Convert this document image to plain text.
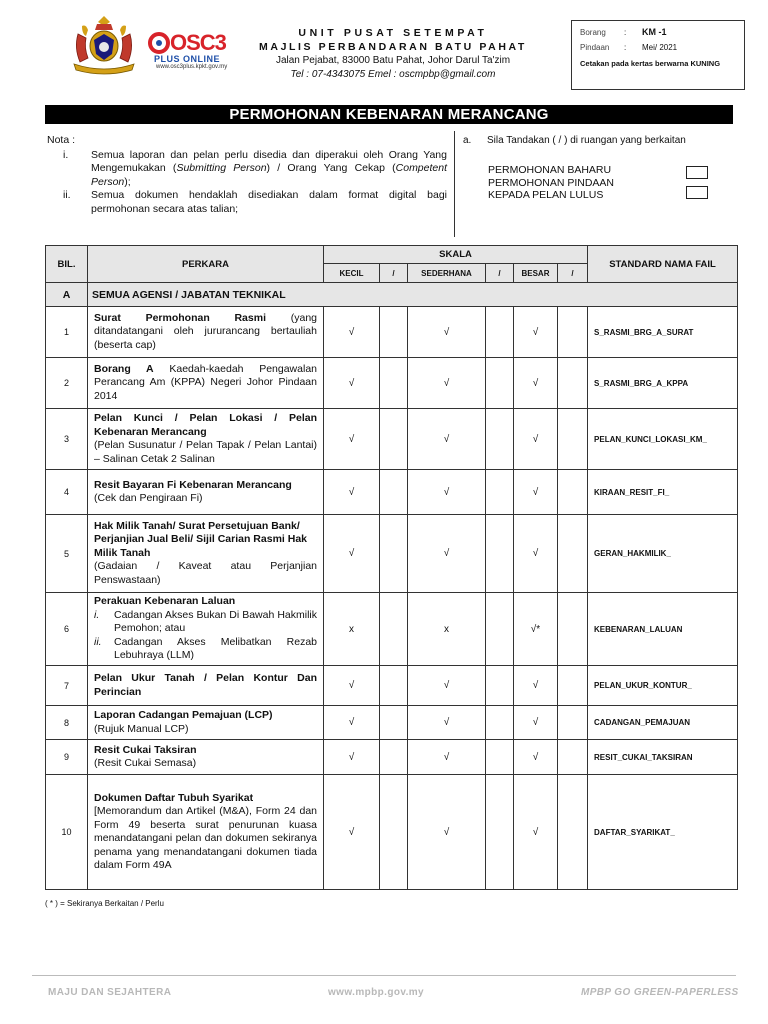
OSC3
PLUS ONLINE
www.osc3plus.kpkt.gov.my
UNIT PUSAT SETEMPAT
MAJLIS PERBANDARAN BATU PAHAT
Jalan Pejabat, 83000 Batu Pahat, Johor Darul Ta'zim
Tel : 07-4343075 Emel : oscmpbp@gmail.com
Borang	:	KM -1
Pindaan	:	Mei/ 2021
Cetakan pada kertas berwarna KUNING
PERMOHONAN KEBENARAN MERANCANG
Nota :
i.	Semua laporan dan pelan perlu disedia dan diperakui oleh Orang Yang Mengemukakan (Submitting Person) / Orang Yang Cekap (Competent Person);
ii.	Semua dokumen hendaklah disediakan dalam format digital bagi permohonan secara atas talian;
a. Sila Tandakan ( / ) di ruangan yang berkaitan
PERMOHONAN BAHARU
PERMOHONAN PINDAAN
KEPADA PELAN LULUS
BIL.	PERKARA	SKALA						STANDARD NAMA FAIL
		KECIL	/	SEDERHANA	/	BESAR	/	
A	SEMUA AGENSI / JABATAN TEKNIKAL							
1	Surat Permohonan Rasmi (yang ditandatangani oleh jururancang bertauliah (beserta cap)	√		√		√		S_RASMI_BRG_A_SURAT
2	Borang A Kaedah-kaedah Pengawalan Perancang Am (KPPA) Negeri Johor Pindaan 2014	√		√		√		S_RASMI_BRG_A_KPPA
3	Pelan Kunci / Pelan Lokasi / Pelan Kebenaran Merancang
(Pelan Susunatur / Pelan Tapak / Pelan Lantai) – Salinan Cetak 2 Salinan	√		√		√		PELAN_KUNCI_LOKASI_KM_
4	Resit Bayaran Fi Kebenaran Merancang
(Cek dan Pengiraan Fi)	√		√		√		KIRAAN_RESIT_FI_
5	Hak Milik Tanah/ Surat Persetujuan Bank/ Perjanjian Jual Beli/ Sijil Carian Rasmi Hak Milik Tanah
(Gadaian / Kaveat atau Perjanjian Penswastaan)	√		√		√		GERAN_HAKMILIK_
6	Perakuan Kebenaran Laluan
i. Cadangan Akses Bukan Di Bawah Hakmilik Pemohon; atau
ii. Cadangan Akses Melibatkan Rezab Lebuhraya (LLM)	x		x		√*		KEBENARAN_LALUAN
7	Pelan Ukur Tanah / Pelan Kontur Dan Perincian	√		√		√		PELAN_UKUR_KONTUR_
8	Laporan Cadangan Pemajuan (LCP)
(Rujuk Manual LCP)	√		√		√		CADANGAN_PEMAJUAN
9	Resit Cukai Taksiran
(Resit Cukai Semasa)	√		√		√		RESIT_CUKAI_TAKSIRAN
10	Dokumen Daftar Tubuh Syarikat
[Memorandum dan Artikel (M&A), Form 24 dan Form 49 beserta surat penurunan kuasa menandatangani pelan dan dokumen sekiranya penama yang menandatangani dokumen tiada dalam Form 49A	√		√		√		DAFTAR_SYARIKAT_
( * ) = Sekiranya Berkaitan / Perlu
MAJU DAN SEJAHTERA	www.mpbp.gov.my	MPBP GO GREEN-PAPERLESS
